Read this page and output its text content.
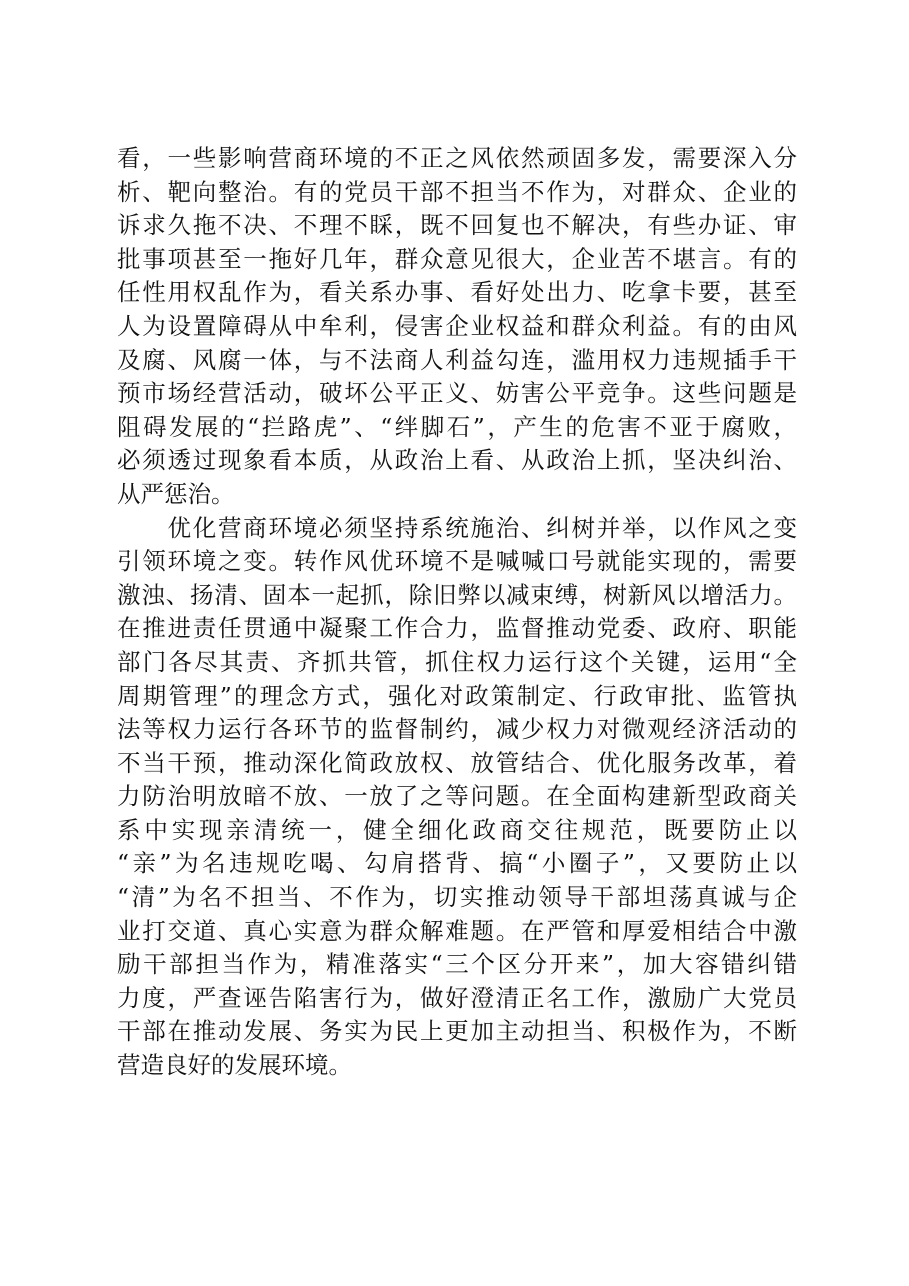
看，一些影响营商环境的不正之风依然顽固多发，需要深入分
析、靶向整治。有的党员干部不担当不作为，对群众、企业的
诉求久拖不决、不理不睬，既不回复也不解决，有些办证、审
批事项甚至一拖好几年，群众意见很大，企业苦不堪言。有的
任性用权乱作为，看关系办事、看好处出力、吃拿卡要，甚至
人为设置障碍从中牟利，侵害企业权益和群众利益。有的由风
及腐、风腐一体，与不法商人利益勾连，滥用权力违规插手干
预市场经营活动，破坏公平正义、妨害公平竞争。这些问题是
阻碍发展的“拦路虎”、“绊脚石”，产生的危害不亚于腐败，
必须透过现象看本质，从政治上看、从政治上抓，坚决纠治、
从严惩治。
　　优化营商环境必须坚持系统施治、纠树并举，以作风之变
引领环境之变。转作风优环境不是喊喊口号就能实现的，需要
激浊、扬清、固本一起抓，除旧弊以减束缚，树新风以增活力。
在推进责任贯通中凝聚工作合力，监督推动党委、政府、职能
部门各尽其责、齐抓共管，抓住权力运行这个关键，运用“全
周期管理”的理念方式，强化对政策制定、行政审批、监管执
法等权力运行各环节的监督制约，减少权力对微观经济活动的
不当干预，推动深化简政放权、放管结合、优化服务改革，着
力防治明放暗不放、一放了之等问题。在全面构建新型政商关
系中实现亲清统一，健全细化政商交往规范，既要防止以
“亲”为名违规吃喝、勾肩搭背、搞“小圈子”，又要防止以
“清”为名不担当、不作为，切实推动领导干部坦荡真诚与企
业打交道、真心实意为群众解难题。在严管和厚爱相结合中激
励干部担当作为，精准落实“三个区分开来”，加大容错纠错
力度，严查诬告陷害行为，做好澄清正名工作，激励广大党员
干部在推动发展、务实为民上更加主动担当、积极作为，不断
营造良好的发展环境。
